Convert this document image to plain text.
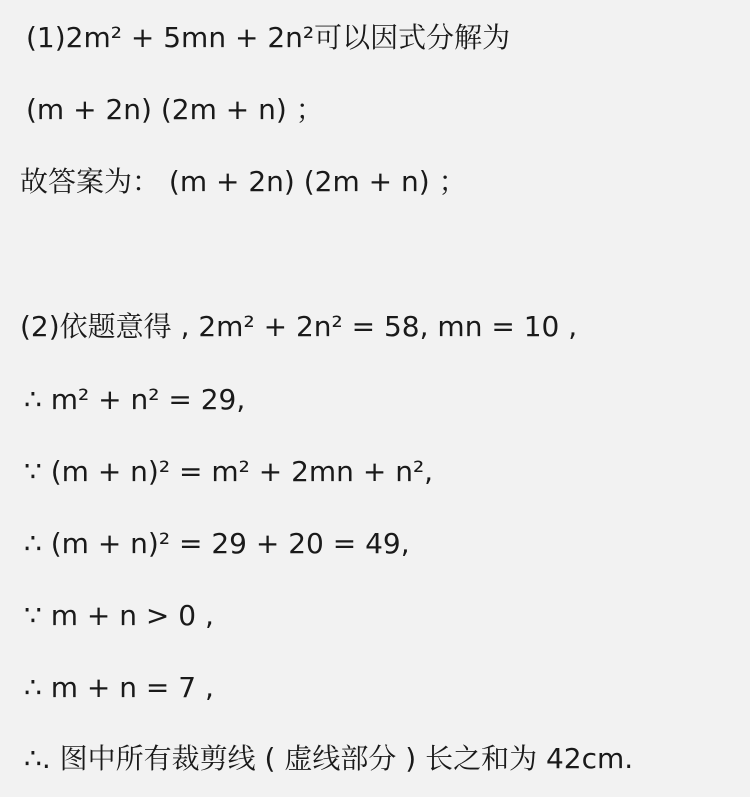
(1)2m² + 5mn + 2n²可以因式分解为
(m + 2n) (2m + n) ；
故答案为： (m + 2n) (2m + n) ；
(2)依题意得 , 2m² + 2n² = 58, mn = 10 ,
∴ m² + n² = 29,
∵ (m + n)² = m² + 2mn + n²,
∴ (m + n)² = 29 + 20 = 49,
∵ m + n > 0 ,
∴ m + n = 7 ,
∴. 图中所有裁剪线 ( 虚线部分 ) 长之和为 42cm.
